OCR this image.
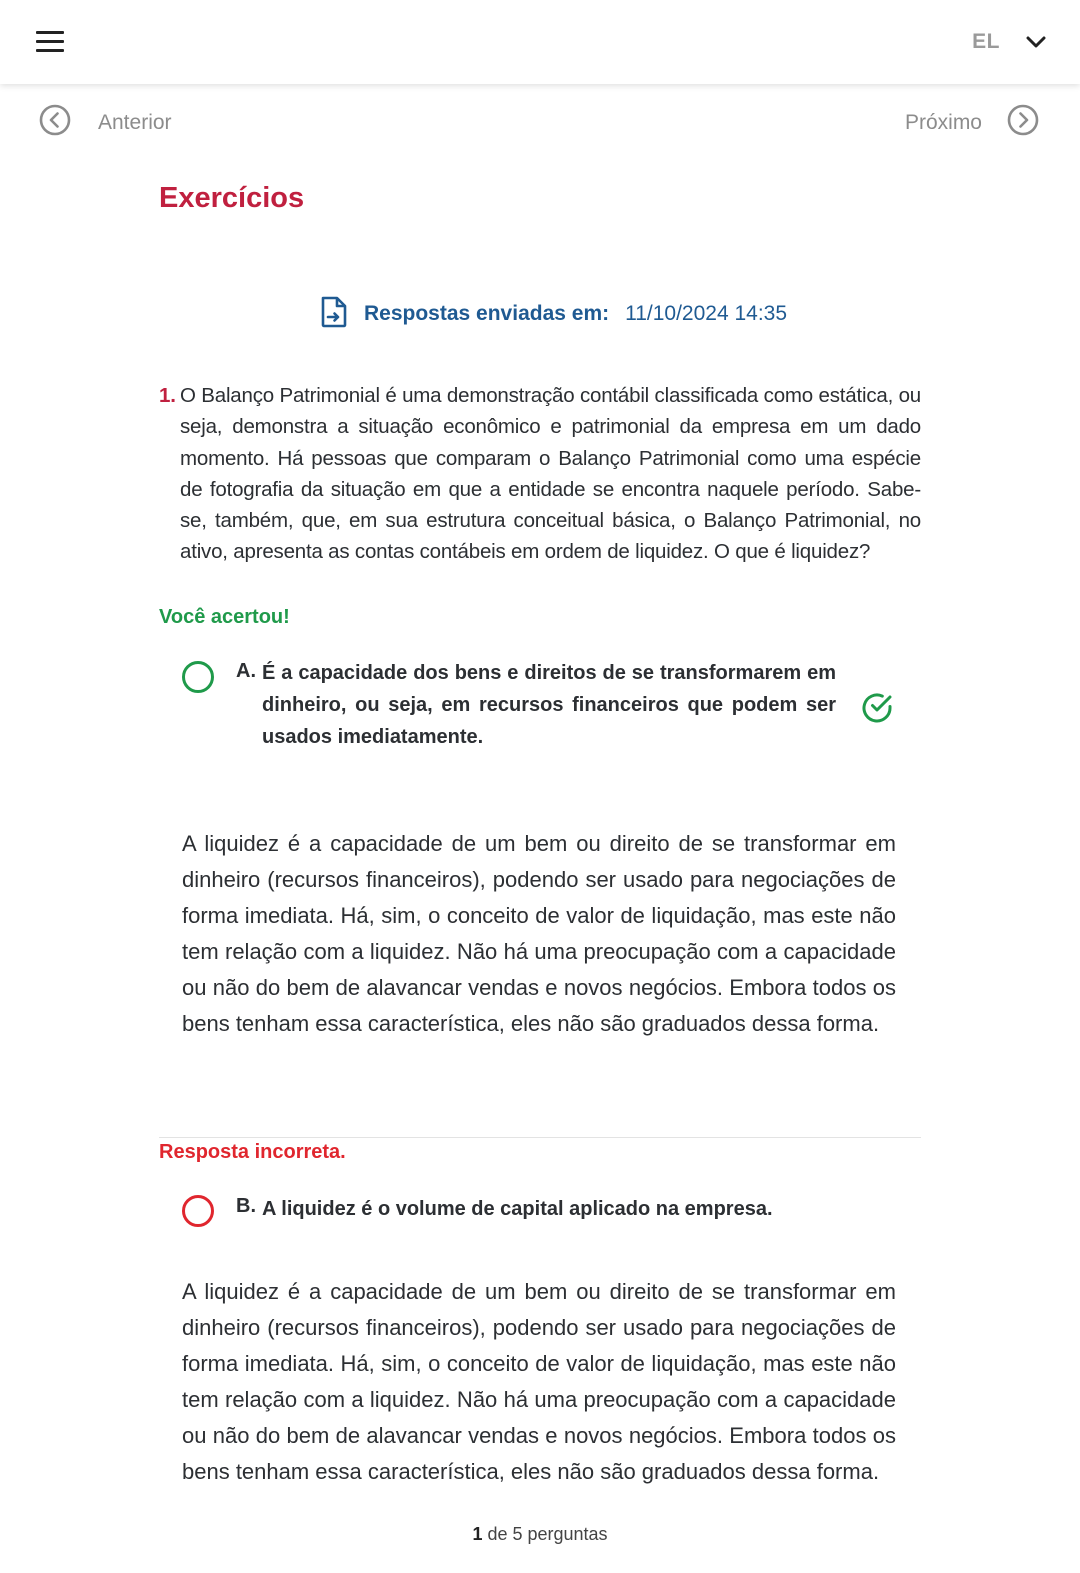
EL
Anterior	Próximo
Exercícios
Respostas enviadas em: 11/10/2024 14:35
1. O Balanço Patrimonial é uma demonstração contábil classificada como estática, ou seja, demonstra a situação econômico e patrimonial da empresa em um dado momento. Há pessoas que comparam o Balanço Patrimonial como uma espécie de fotografia da situação em que a entidade se encontra naquele período. Sabe-se, também, que, em sua estrutura conceitual básica, o Balanço Patrimonial, no ativo, apresenta as contas contábeis em ordem de liquidez. O que é liquidez?
Você acertou!
A. É a capacidade dos bens e direitos de se transformarem em dinheiro, ou seja, em recursos financeiros que podem ser usados imediatamente.

A liquidez é a capacidade de um bem ou direito de se transformar em dinheiro (recursos financeiros), podendo ser usado para negociações de forma imediata. Há, sim, o conceito de valor de liquidação, mas este não tem relação com a liquidez. Não há uma preocupação com a capacidade ou não do bem de alavancar vendas e novos negócios. Embora todos os bens tenham essa característica, eles não são graduados dessa forma.

Resposta incorreta.
B. A liquidez é o volume de capital aplicado na empresa.

A liquidez é a capacidade de um bem ou direito de se transformar em dinheiro (recursos financeiros), podendo ser usado para negociações de forma imediata. Há, sim, o conceito de valor de liquidação, mas este não tem relação com a liquidez. Não há uma preocupação com a capacidade ou não do bem de alavancar vendas e novos negócios. Embora todos os bens tenham essa característica, eles não são graduados dessa forma.

1 de 5 perguntas
